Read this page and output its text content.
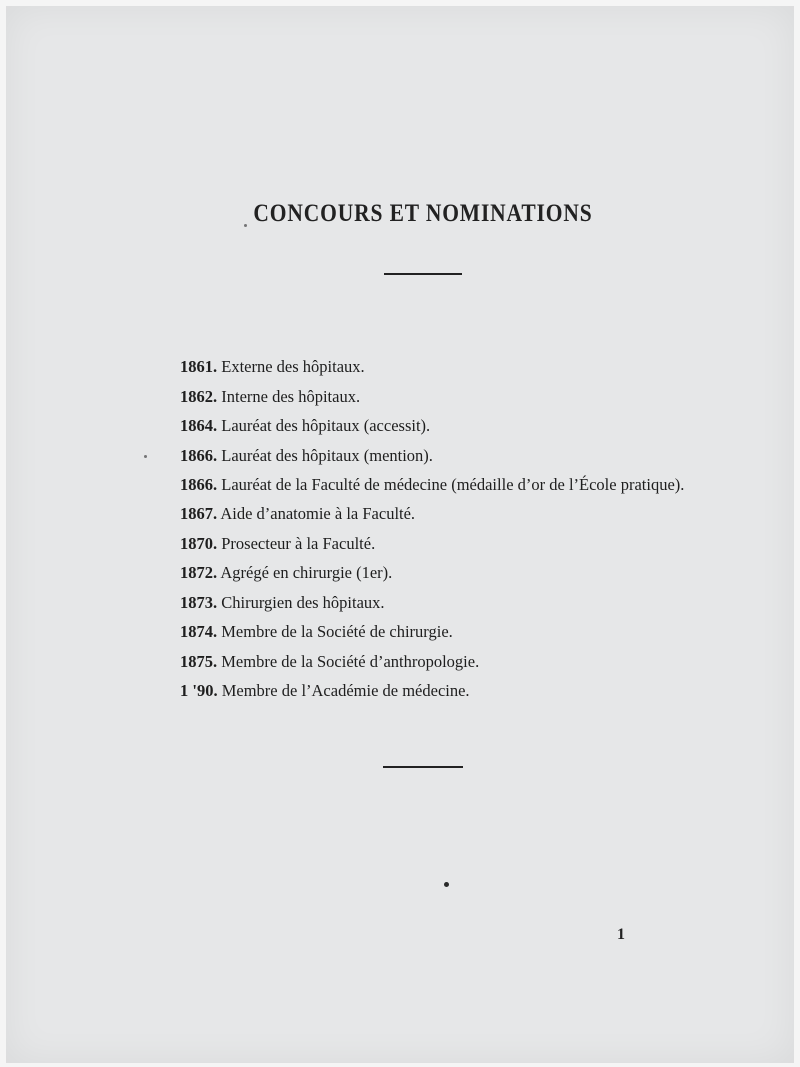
CONCOURS ET NOMINATIONS
1861. Externe des hôpitaux.
1862. Interne des hôpitaux.
1864. Lauréat des hôpitaux (accessit).
1866. Lauréat des hôpitaux (mention).
1866. Lauréat de la Faculté de médecine (médaille d’or de l’École pratique).
1867. Aide d’anatomie à la Faculté.
1870. Prosecteur à la Faculté.
1872. Agrégé en chirurgie (1er).
1873. Chirurgien des hôpitaux.
1874. Membre de la Société de chirurgie.
1875. Membre de la Société d’anthropologie.
1 '90. Membre de l’Académie de médecine.
1
